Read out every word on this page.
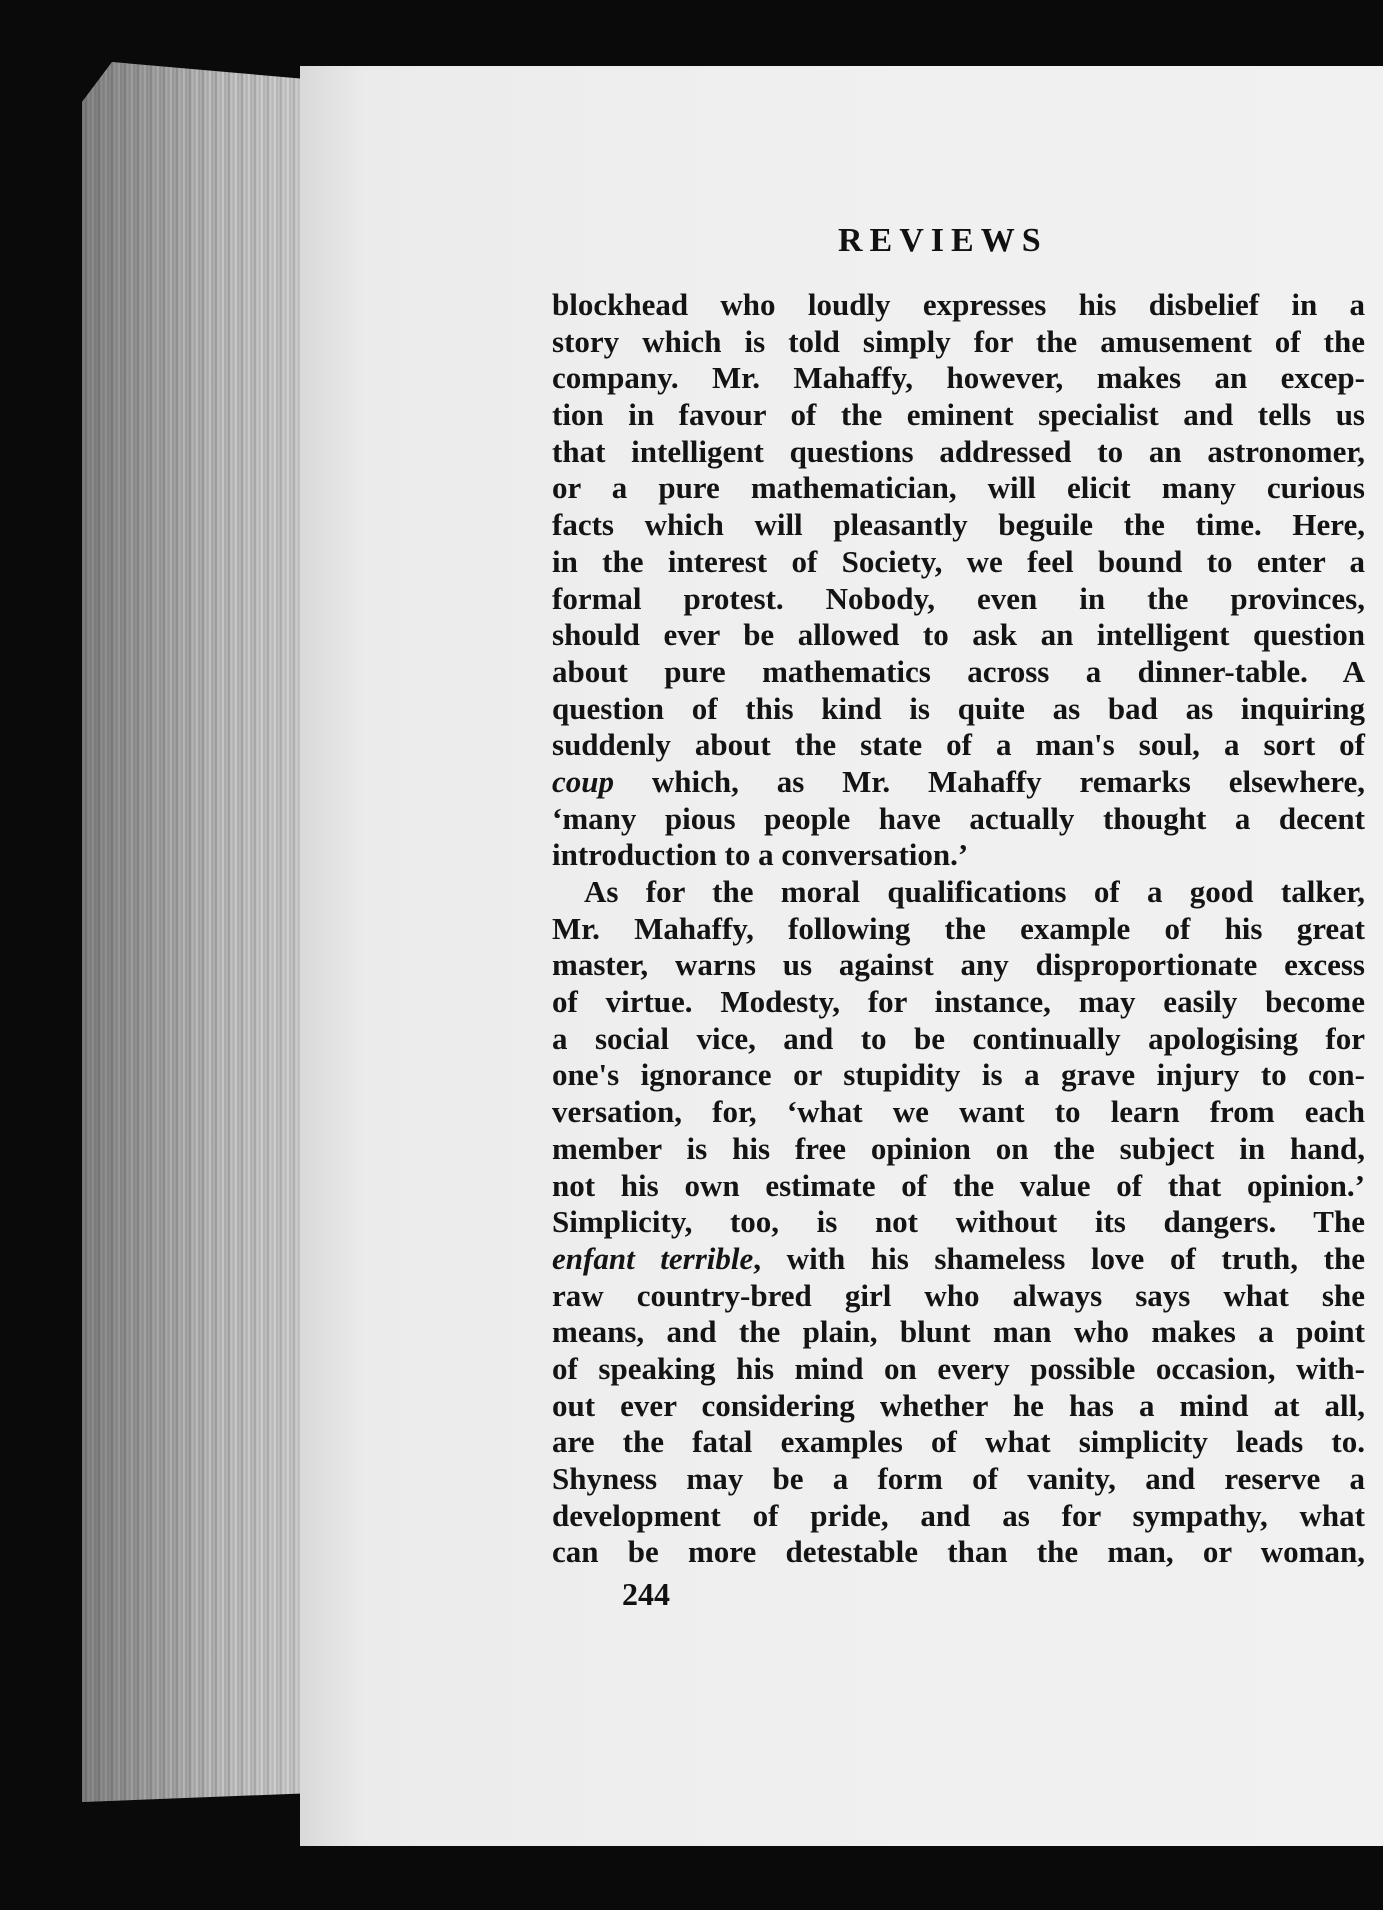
REVIEWS
blockhead who loudly expresses his disbelief in a
story which is told simply for the amusement of the
company. Mr. Mahaffy, however, makes an excep-
tion in favour of the eminent specialist and tells us
that intelligent questions addressed to an astronomer,
or a pure mathematician, will elicit many curious
facts which will pleasantly beguile the time. Here,
in the interest of Society, we feel bound to enter a
formal protest. Nobody, even in the provinces,
should ever be allowed to ask an intelligent question
about pure mathematics across a dinner-table. A
question of this kind is quite as bad as inquiring
suddenly about the state of a man's soul, a sort of
coup which, as Mr. Mahaffy remarks elsewhere,
‘many pious people have actually thought a decent
introduction to a conversation.’
As for the moral qualifications of a good talker,
Mr. Mahaffy, following the example of his great
master, warns us against any disproportionate excess
of virtue. Modesty, for instance, may easily become
a social vice, and to be continually apologising for
one's ignorance or stupidity is a grave injury to con-
versation, for, ‘what we want to learn from each
member is his free opinion on the subject in hand,
not his own estimate of the value of that opinion.’
Simplicity, too, is not without its dangers. The
enfant terrible, with his shameless love of truth, the
raw country-bred girl who always says what she
means, and the plain, blunt man who makes a point
of speaking his mind on every possible occasion, with-
out ever considering whether he has a mind at all,
are the fatal examples of what simplicity leads to.
Shyness may be a form of vanity, and reserve a
development of pride, and as for sympathy, what
can be more detestable than the man, or woman,
244
